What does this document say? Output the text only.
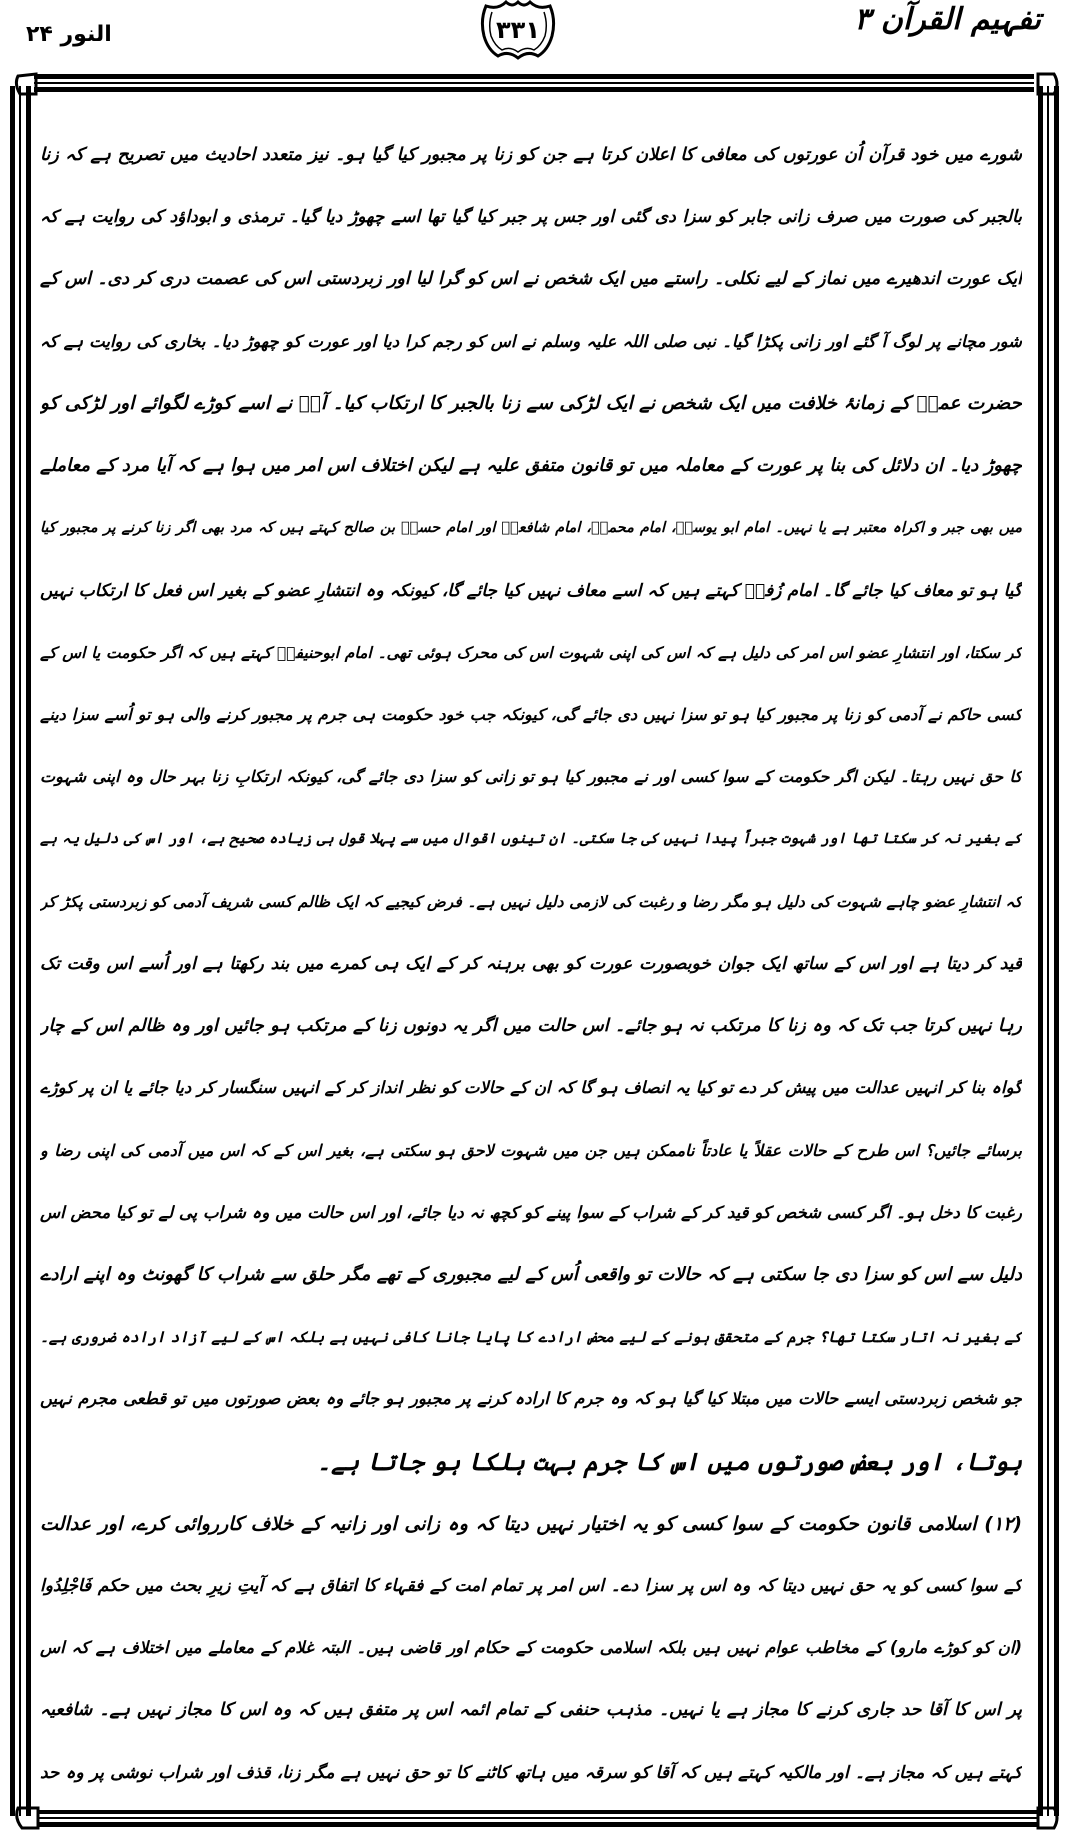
تفہیم القرآن ۳
۳۳۱
النور ۲۴
شورے میں خود قرآن اُن عورتوں کی معافی کا اعلان کرتا ہے جن کو زنا پر مجبور کیا گیا ہو۔ نیز متعدد احادیث میں تصریح ہے کہ زنا
بالجبر کی صورت میں صرف زانی جابر کو سزا دی گئی اور جس پر جبر کیا گیا تھا اسے چھوڑ دیا گیا۔ ترمذی و ابوداؤد کی روایت ہے کہ
ایک عورت اندھیرے میں نماز کے لیے نکلی۔ راستے میں ایک شخص نے اس کو گرا لیا اور زبردستی اس کی عصمت دری کر دی۔ اس کے
شور مچانے پر لوگ آ گئے اور زانی پکڑا گیا۔ نبی صلی اللہ علیہ وسلم نے اس کو رجم کرا دیا اور عورت کو چھوڑ دیا۔ بخاری کی روایت ہے کہ
حضرت عمرؓ کے زمانۂ خلافت میں ایک شخص نے ایک لڑکی سے زنا بالجبر کا ارتکاب کیا۔ آپؓ نے اسے کوڑے لگوائے اور لڑکی کو
چھوڑ دیا۔ ان دلائل کی بنا پر عورت کے معاملہ میں تو قانون متفق علیہ ہے لیکن اختلاف اس امر میں ہوا ہے کہ آیا مرد کے معاملے
میں بھی جبر و اکراہ معتبر ہے یا نہیں۔ امام ابو یوسفؒ، امام محمدؒ، امام شافعیؒ اور امام حسنؒ بن صالح کہتے ہیں کہ مرد بھی اگر زنا کرنے پر مجبور کیا
گیا ہو تو معاف کیا جائے گا۔ امام زُفرؒ کہتے ہیں کہ اسے معاف نہیں کیا جائے گا، کیونکہ وہ انتشارِ عضو کے بغیر اس فعل کا ارتکاب نہیں
کر سکتا، اور انتشارِ عضو اس امر کی دلیل ہے کہ اس کی اپنی شہوت اس کی محرک ہوئی تھی۔ امام ابوحنیفہؒ کہتے ہیں کہ اگر حکومت یا اس کے
کسی حاکم نے آدمی کو زنا پر مجبور کیا ہو تو سزا نہیں دی جائے گی، کیونکہ جب خود حکومت ہی جرم پر مجبور کرنے والی ہو تو اُسے سزا دینے
کا حق نہیں رہتا۔ لیکن اگر حکومت کے سوا کسی اور نے مجبور کیا ہو تو زانی کو سزا دی جائے گی، کیونکہ ارتکابِ زنا بہر حال وہ اپنی شہوت
کے بغیر نہ کر سکتا تھا اور شہوت جبراً پیدا نہیں کی جا سکتی۔ ان تینوں اقوال میں سے پہلا قول ہی زیادہ صحیح ہے، اور اس کی دلیل یہ ہے
کہ انتشارِ عضو چاہے شہوت کی دلیل ہو مگر رضا و رغبت کی لازمی دلیل نہیں ہے۔ فرض کیجیے کہ ایک ظالم کسی شریف آدمی کو زبردستی پکڑ کر
قید کر دیتا ہے اور اس کے ساتھ ایک جوان خوبصورت عورت کو بھی برہنہ کر کے ایک ہی کمرے میں بند رکھتا ہے اور اُسے اس وقت تک
رہا نہیں کرتا جب تک کہ وہ زنا کا مرتکب نہ ہو جائے۔ اس حالت میں اگر یہ دونوں زنا کے مرتکب ہو جائیں اور وہ ظالم اس کے چار
گواہ بنا کر انہیں عدالت میں پیش کر دے تو کیا یہ انصاف ہو گا کہ ان کے حالات کو نظر انداز کر کے انہیں سنگسار کر دیا جائے یا ان پر کوڑے
برسائے جائیں؟ اس طرح کے حالات عقلاً یا عادتاً ناممکن ہیں جن میں شہوت لاحق ہو سکتی ہے، بغیر اس کے کہ اس میں آدمی کی اپنی رضا و
رغبت کا دخل ہو۔ اگر کسی شخص کو قید کر کے شراب کے سوا پینے کو کچھ نہ دیا جائے، اور اس حالت میں وہ شراب پی لے تو کیا محض اس
دلیل سے اس کو سزا دی جا سکتی ہے کہ حالات تو واقعی اُس کے لیے مجبوری کے تھے مگر حلق سے شراب کا گھونٹ وہ اپنے ارادے
کے بغیر نہ اتار سکتا تھا؟ جرم کے متحقق ہونے کے لیے محض ارادے کا پایا جانا کافی نہیں ہے بلکہ اس کے لیے آزاد ارادہ ضروری ہے۔
جو شخص زبردستی ایسے حالات میں مبتلا کیا گیا ہو کہ وہ جرم کا ارادہ کرنے پر مجبور ہو جائے وہ بعض صورتوں میں تو قطعی مجرم نہیں
ہوتا، اور بعض صورتوں میں اس کا جرم بہت ہلکا ہو جاتا ہے۔
(۱۲) اسلامی قانون حکومت کے سوا کسی کو یہ اختیار نہیں دیتا کہ وہ زانی اور زانیہ کے خلاف کارروائی کرے، اور عدالت
کے سوا کسی کو یہ حق نہیں دیتا کہ وہ اس پر سزا دے۔ اس امر پر تمام امت کے فقہاء کا اتفاق ہے کہ آیتِ زیرِ بحث میں حکم فَاجْلِدُوا
(ان کو کوڑے مارو) کے مخاطب عوام نہیں ہیں بلکہ اسلامی حکومت کے حکام اور قاضی ہیں۔ البتہ غلام کے معاملے میں اختلاف ہے کہ اس
پر اس کا آقا حد جاری کرنے کا مجاز ہے یا نہیں۔ مذہب حنفی کے تمام ائمہ اس پر متفق ہیں کہ وہ اس کا مجاز نہیں ہے۔ شافعیہ
کہتے ہیں کہ مجاز ہے۔ اور مالکیہ کہتے ہیں کہ آقا کو سرقہ میں ہاتھ کاٹنے کا تو حق نہیں ہے مگر زنا، قذف اور شراب نوشی پر وہ حد
